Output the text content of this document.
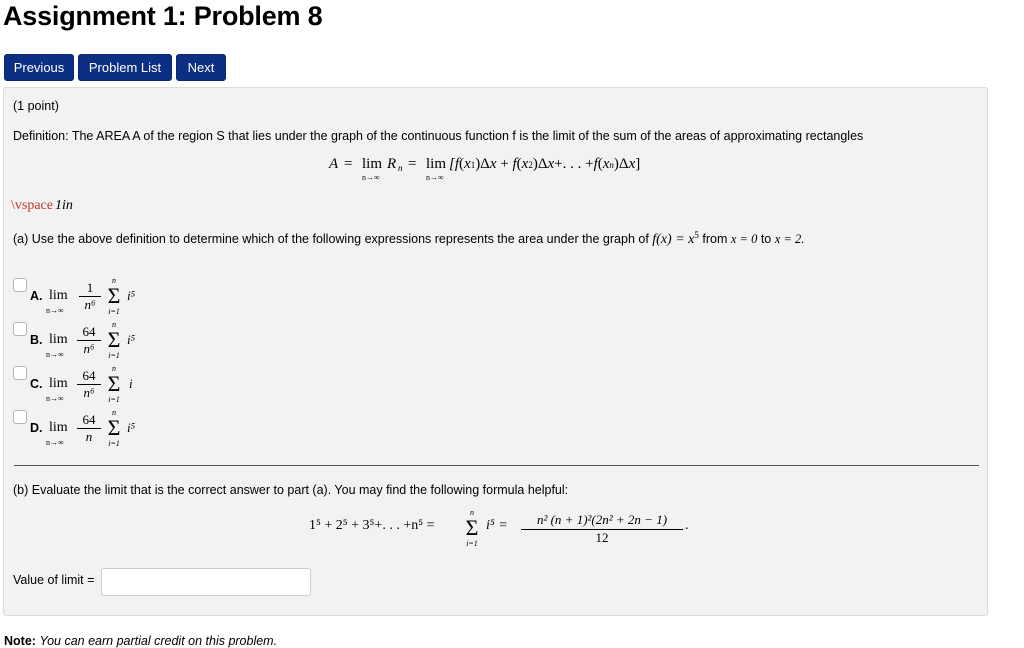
Assignment 1: Problem 8
Previous	Problem List	Next
(1 point)
Definition: The AREA A of the region S that lies under the graph of the continuous function f is the limit of the sum of the areas of approximating rectangles
A = lim
n→∞
R n = lim
n→∞
[f(x1)Δx + f(x2)Δx+. . . +f(xn)Δx]
\vspace 1in
(a) Use the above definition to determine which of the following expressions represents the area under the graph of $f(x) = x^5$ from x = 0 to x = 2.
A. lim
$n\to\infty \frac{1}{\text{n⁶}}$	n
Σ
i=1
i⁵
B. lim
$n\to\infty \frac{64}{\text{n⁶}}$	n
Σ
i=1
i⁵
C. lim
$n\to\infty \frac{64}{\text{n⁶}}$	n
Σ
i=1
i
D. lim
$n\to\infty \frac{64}{n}$	n
Σ
i=1
i⁵
(b) Evaluate the limit that is the correct answer to part (a). You may find the following formula helpful:
1⁵ + 2⁵ + 3⁵+. . . +n⁵ =
n
Σ
i=1
$i^5 = \frac{\text{n² (n + 1)²(2n² + 2n − 1)}}{12}$ .
Value of limit =
Note: You can earn partial credit on this problem.
